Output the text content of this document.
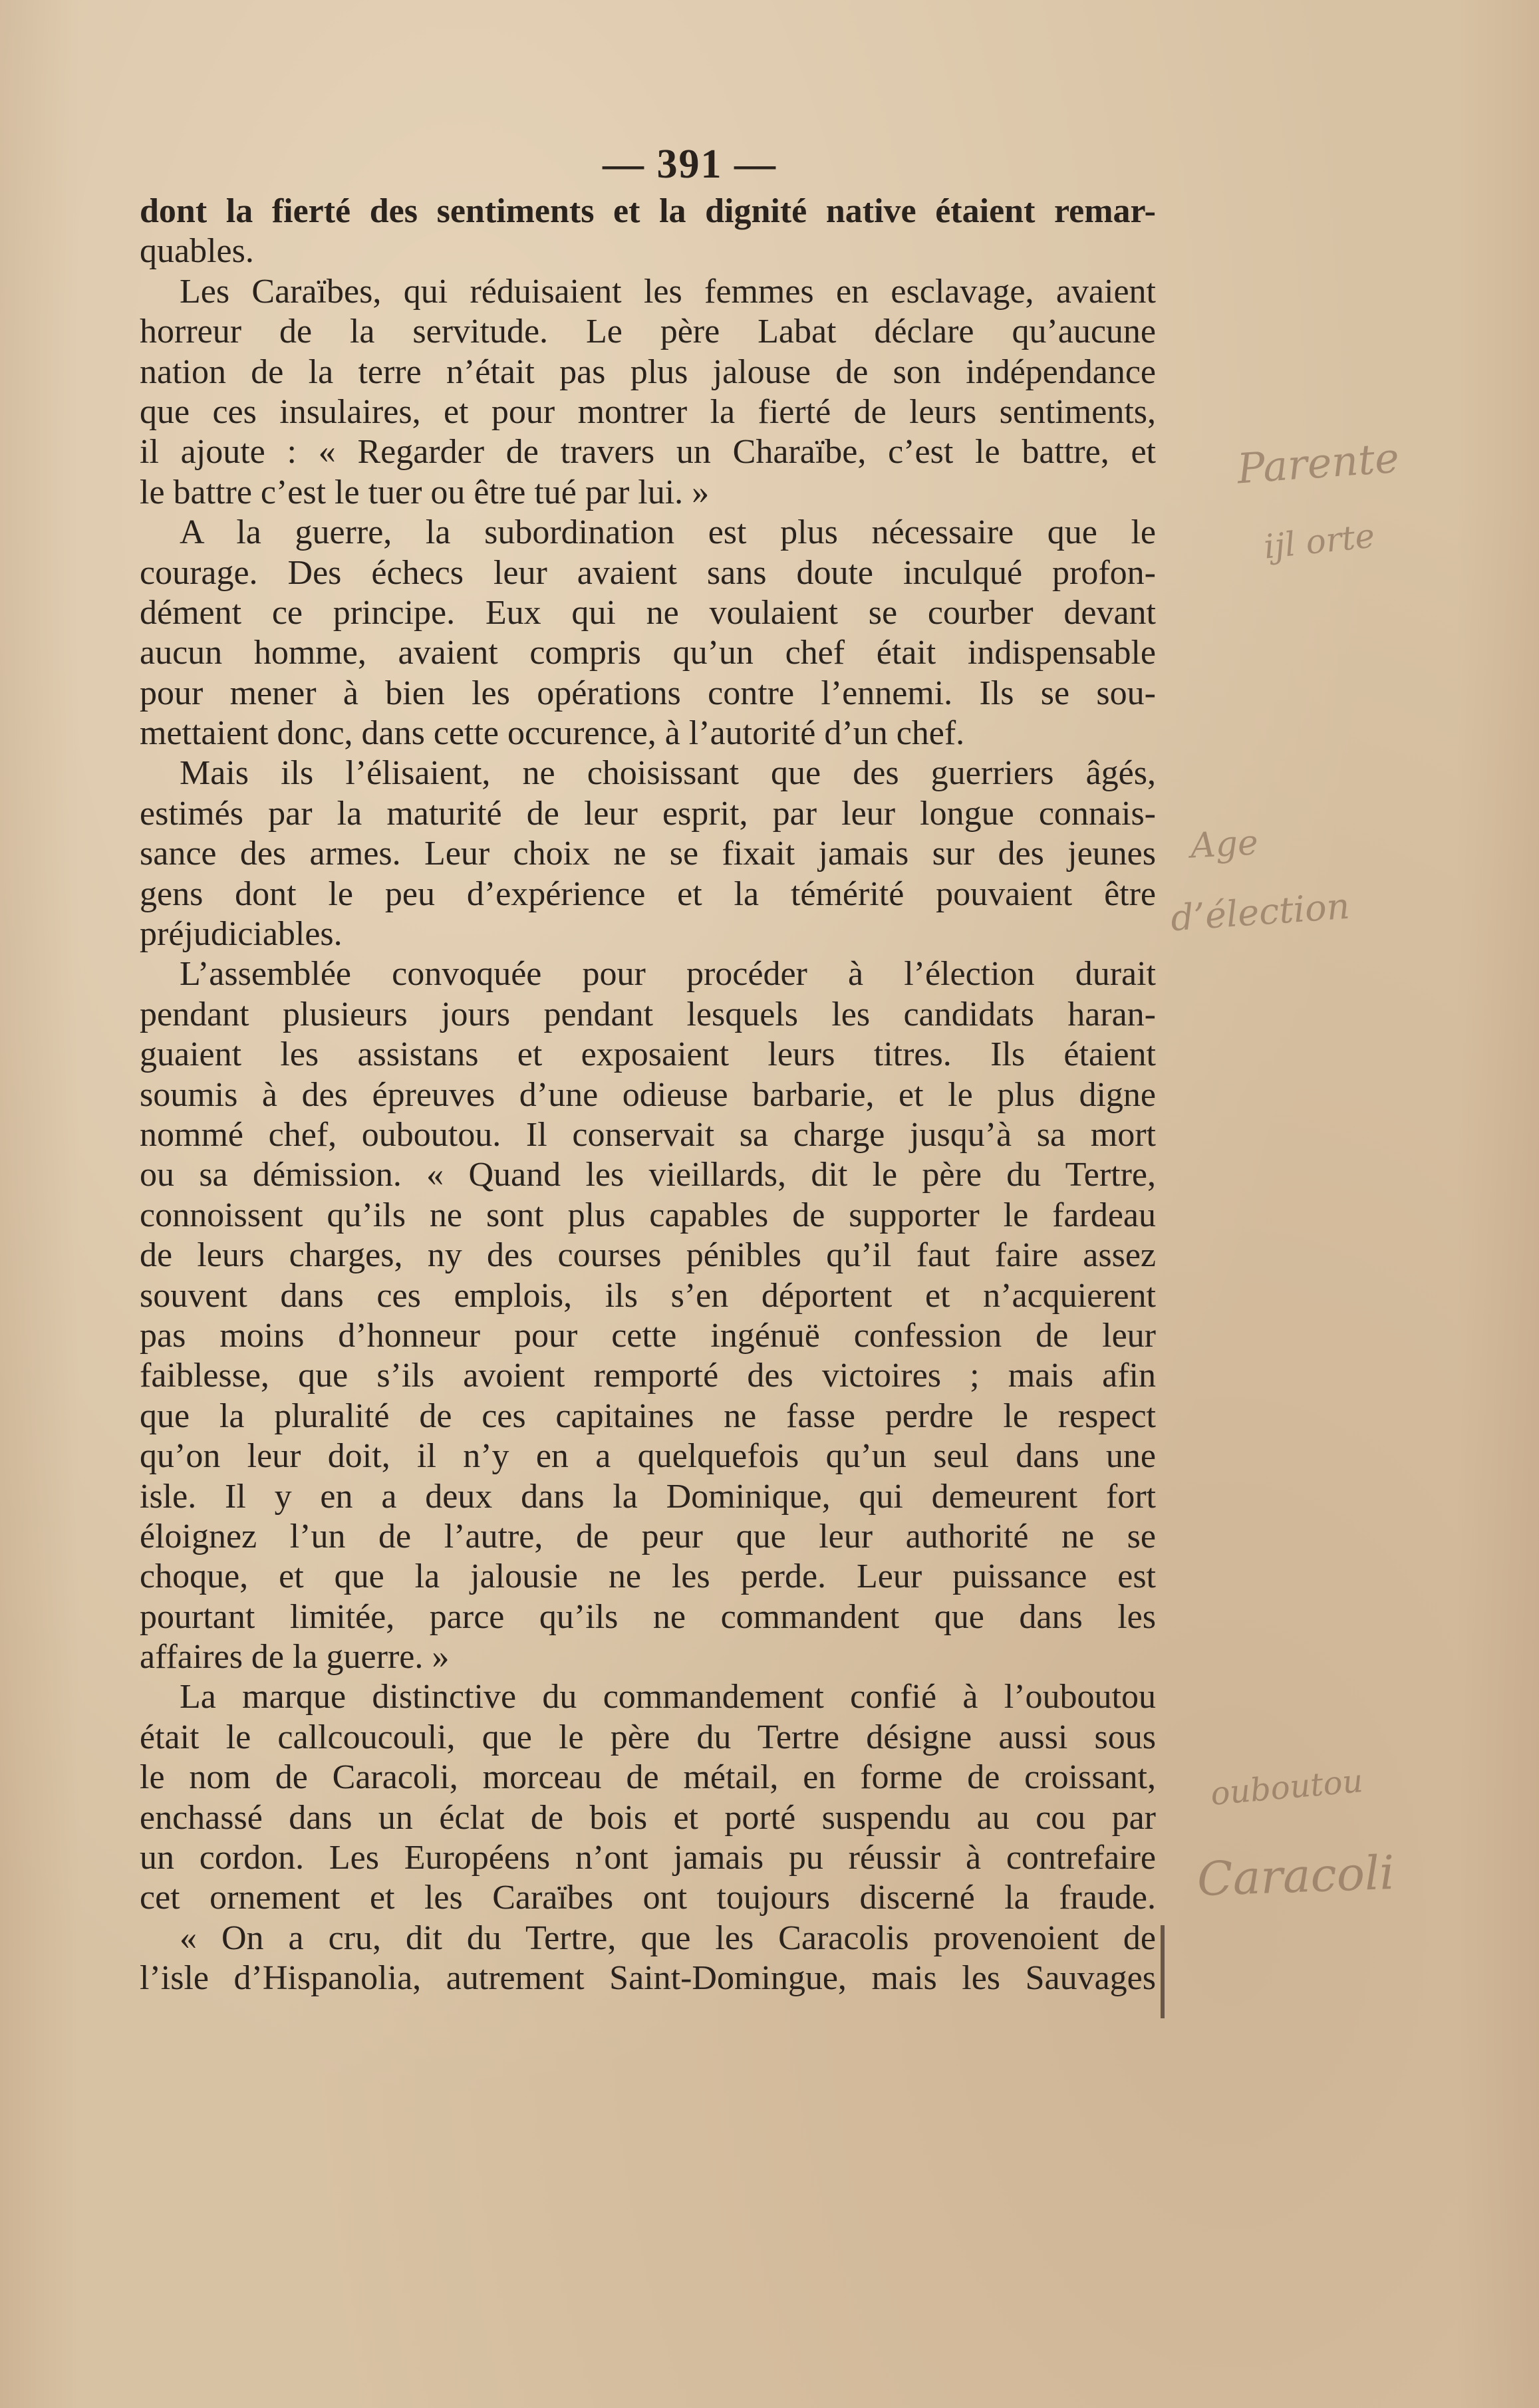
— 391 —
dont la fierté des sentiments et la dignité native étaient remar-
quables.
Les Caraïbes, qui réduisaient les femmes en esclavage, avaient
horreur de la servitude. Le père Labat déclare qu’aucune
nation de la terre n’était pas plus jalouse de son indépendance
que ces insulaires, et pour montrer la fierté de leurs sentiments,
il ajoute : « Regarder de travers un Charaïbe, c’est le battre, et
le battre c’est le tuer ou être tué par lui. »
A la guerre, la subordination est plus nécessaire que le
courage. Des échecs leur avaient sans doute inculqué profon-
dément ce principe. Eux qui ne voulaient se courber devant
aucun homme, avaient compris qu’un chef était indispensable
pour mener à bien les opérations contre l’ennemi. Ils se sou-
mettaient donc, dans cette occurence, à l’autorité d’un chef.
Mais ils l’élisaient, ne choisissant que des guerriers âgés,
estimés par la maturité de leur esprit, par leur longue connais-
sance des armes. Leur choix ne se fixait jamais sur des jeunes
gens dont le peu d’expérience et la témérité pouvaient être
préjudiciables.
L’assemblée convoquée pour procéder à l’élection durait
pendant plusieurs jours pendant lesquels les candidats haran-
guaient les assistans et exposaient leurs titres. Ils étaient
soumis à des épreuves d’une odieuse barbarie, et le plus digne
nommé chef, ouboutou. Il conservait sa charge jusqu’à sa mort
ou sa démission. « Quand les vieillards, dit le père du Tertre,
connoissent qu’ils ne sont plus capables de supporter le fardeau
de leurs charges, ny des courses pénibles qu’il faut faire assez
souvent dans ces emplois, ils s’en déportent et n’acquierent
pas moins d’honneur pour cette ingénuë confession de leur
faiblesse, que s’ils avoient remporté des victoires ; mais afin
que la pluralité de ces capitaines ne fasse perdre le respect
qu’on leur doit, il n’y en a quelquefois qu’un seul dans une
isle. Il y en a deux dans la Dominique, qui demeurent fort
éloignez l’un de l’autre, de peur que leur authorité ne se
choque, et que la jalousie ne les perde. Leur puissance est
pourtant limitée, parce qu’ils ne commandent que dans les
affaires de la guerre. »
La marque distinctive du commandement confié à l’ouboutou
était le callcoucouli, que le père du Tertre désigne aussi sous
le nom de Caracoli, morceau de métail, en forme de croissant,
enchassé dans un éclat de bois et porté suspendu au cou par
un cordon. Les Européens n’ont jamais pu réussir à contrefaire
cet ornement et les Caraïbes ont toujours discerné la fraude.
« On a cru, dit du Tertre, que les Caracolis provenoient de
l’isle d’Hispanolia, autrement Saint-Domingue, mais les Sauvages
Parente
ijl orte
Age
d’élection
ouboutou
Caracoli
